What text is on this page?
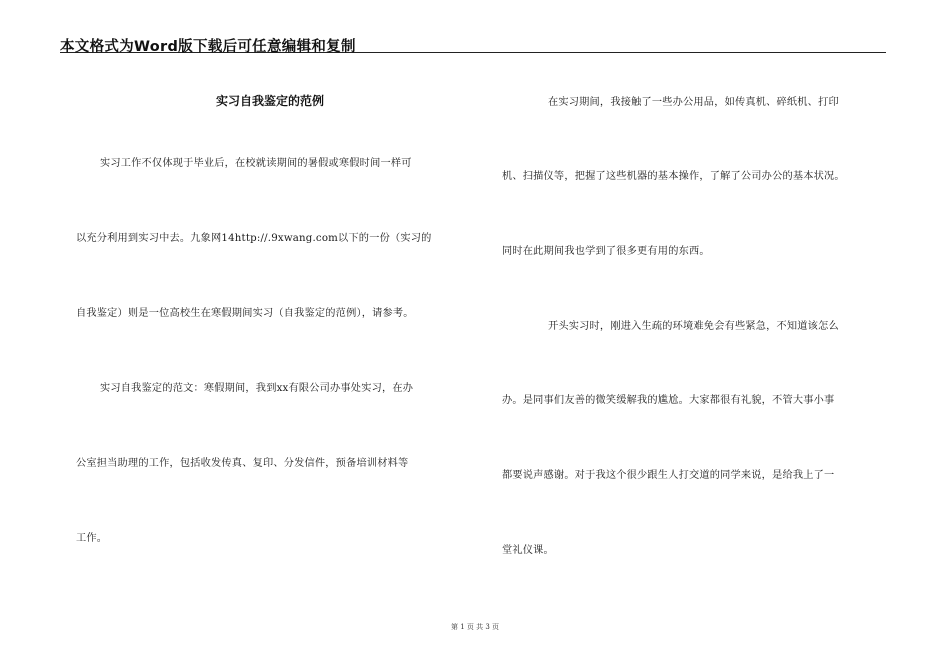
本文格式为Word版下载后可任意编辑和复制
实习自我鉴定的范例
实习工作不仅体现于毕业后，在校就读期间的暑假或寒假时间一样可
以充分利用到实习中去。九象网14http://.9xwang.com以下的一份（实习的
自我鉴定）则是一位高校生在寒假期间实习（自我鉴定的范例），请参考。
实习自我鉴定的范文：寒假期间，我到xx有限公司办事处实习，在办
公室担当助理的工作，包括收发传真、复印、分发信件，预备培训材料等
工作。
在实习期间，我接触了一些办公用品，如传真机、碎纸机、打印
机、扫描仪等，把握了这些机器的基本操作，了解了公司办公的基本状况。
同时在此期间我也学到了很多更有用的东西。
开头实习时，刚进入生疏的环境难免会有些紧急，不知道该怎么
办。是同事们友善的微笑缓解我的尴尬。大家都很有礼貌，不管大事小事
都要说声感谢。对于我这个很少跟生人打交道的同学来说，是给我上了一
堂礼仪课。
第 1 页 共 3 页
